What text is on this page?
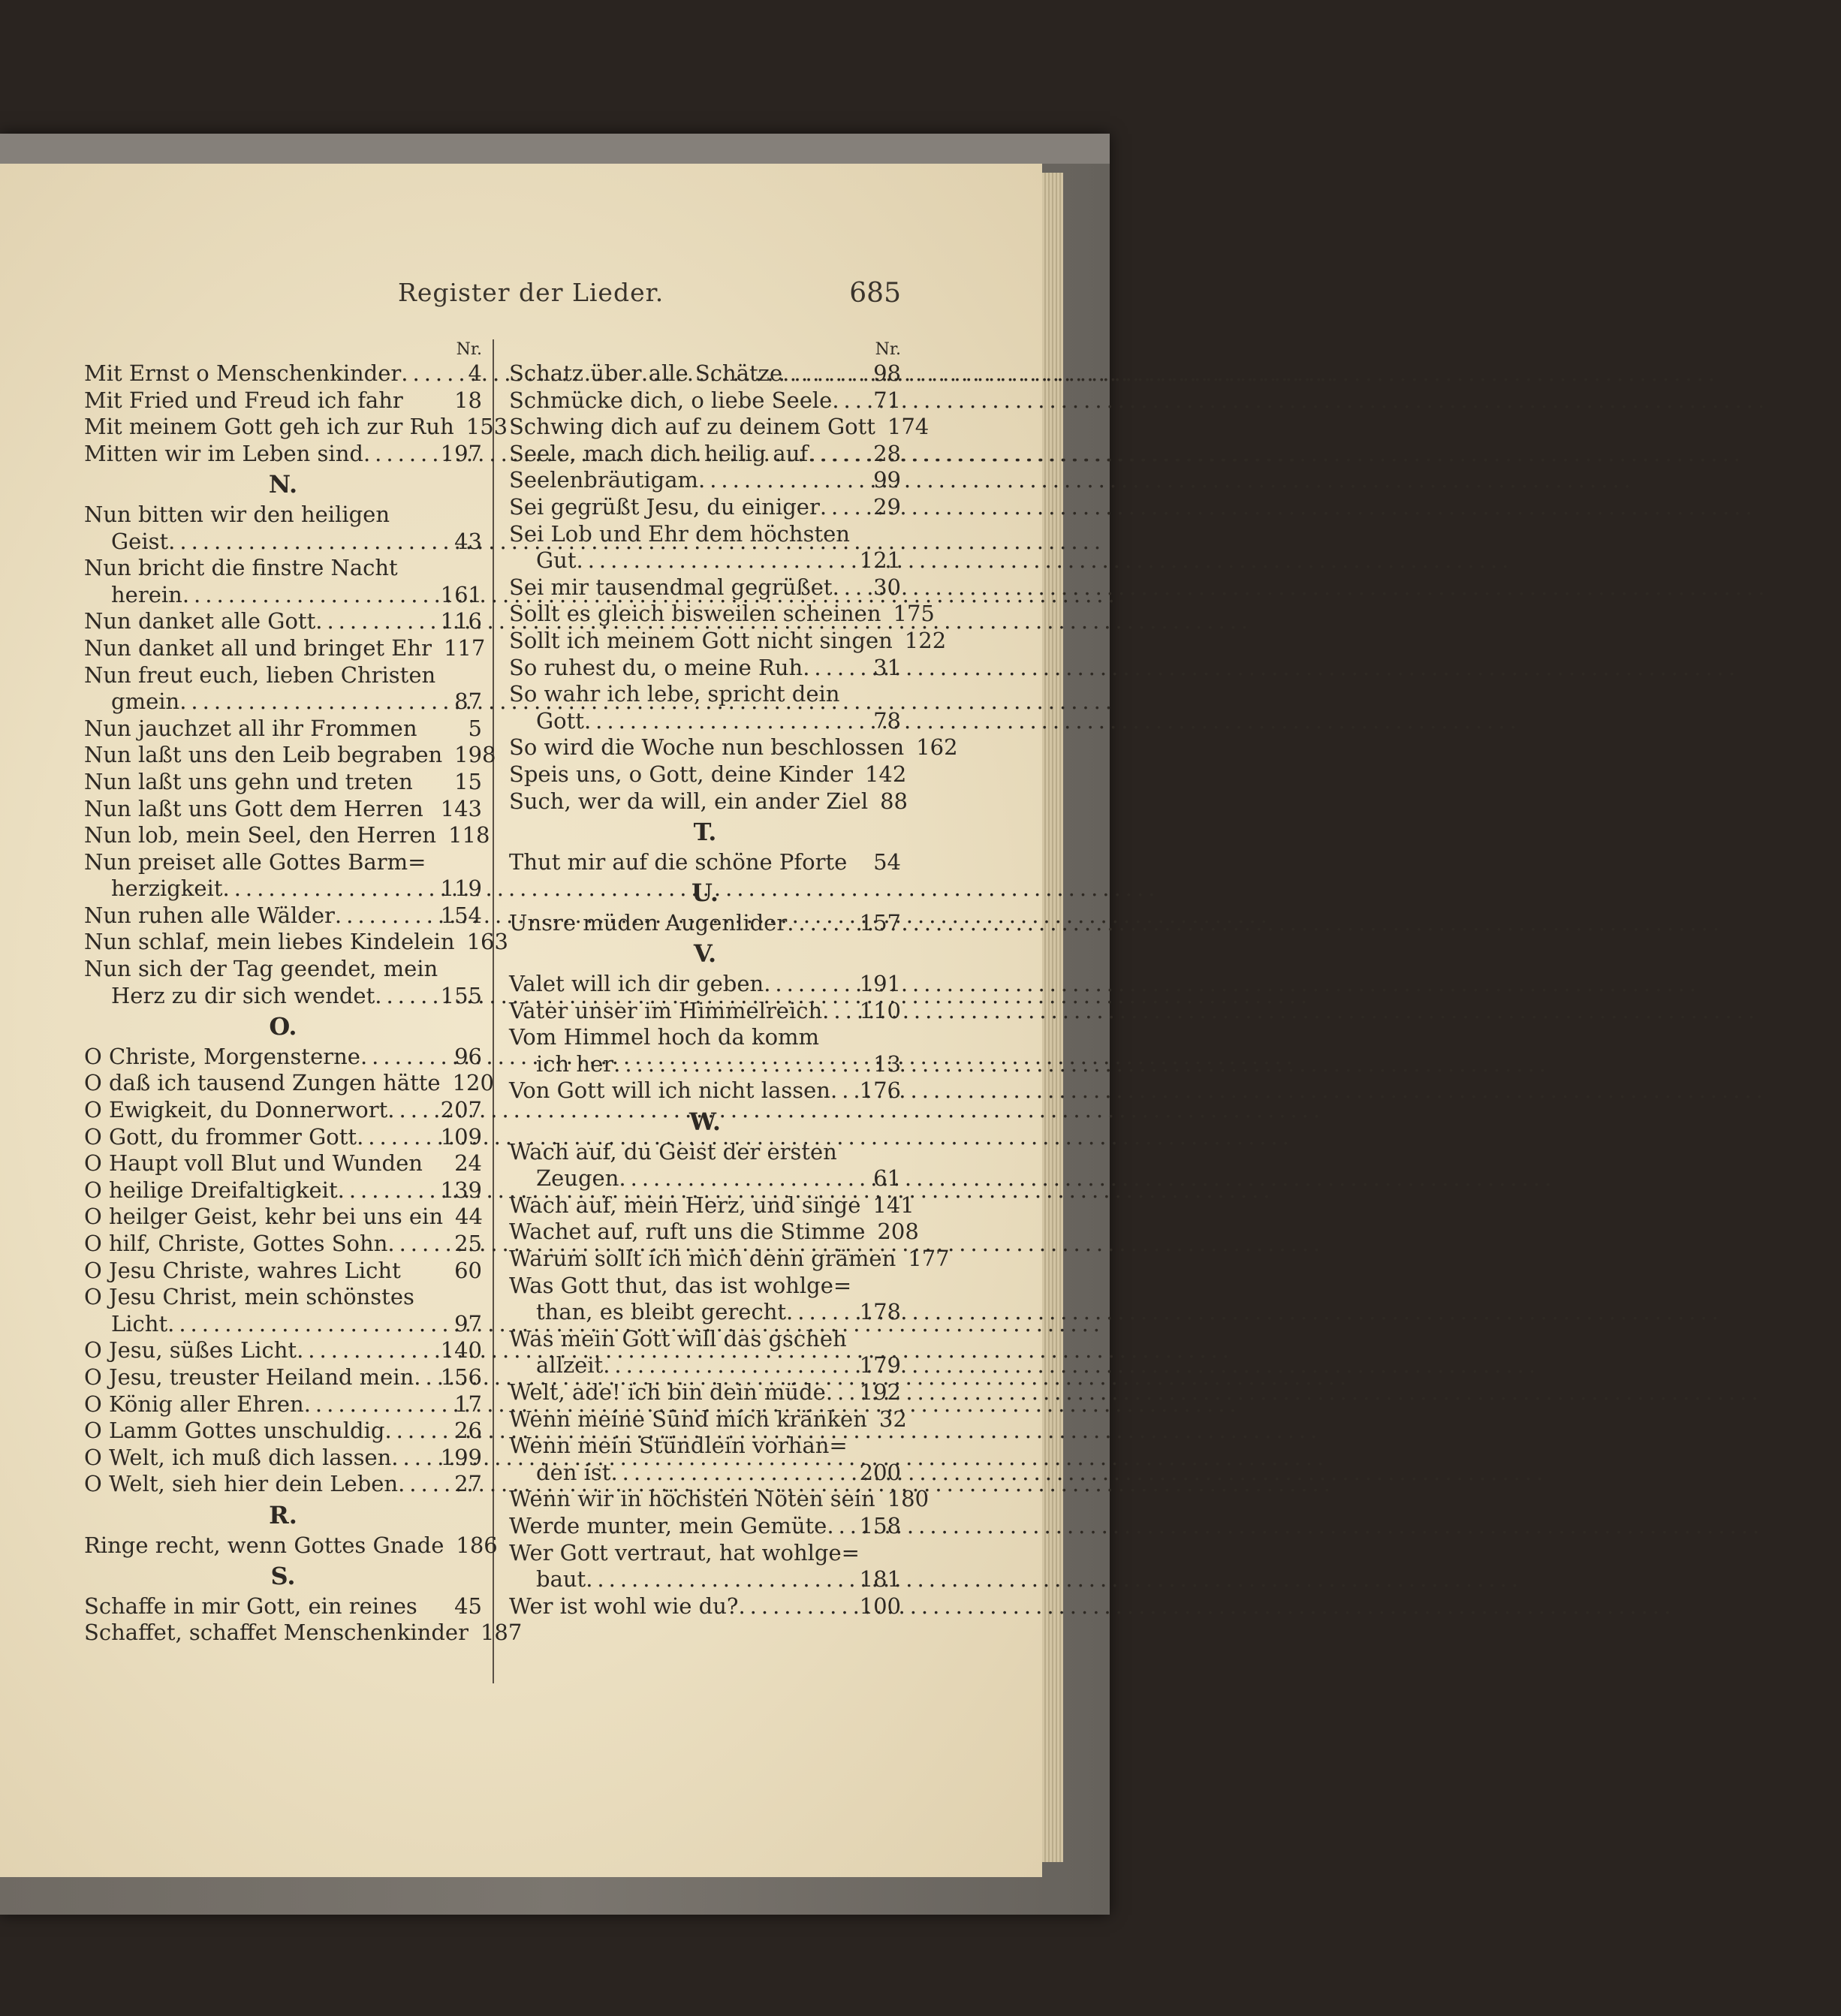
Register der Lieder.	685
Nr.
Mit Ernst o Menschenkinder .....	4
Mit Fried und Freud ich fahr 18
Mit meinem Gott geh ich zur Ruh 153
Mitten wir im Leben sind .....	197
N.
Nun bitten wir den heiligen
Geist .....	43
Nun bricht die finstre Nacht
herein .....	161
Nun danket alle Gott .....	116
Nun danket all und bringet Ehr 117
Nun freut euch, lieben Christen
gmein .....	87
Nun jauchzet all ihr Frommen 5
Nun laßt uns den Leib begraben 198
Nun laßt uns gehn und treten 15
Nun laßt uns Gott dem Herren 143
Nun lob, mein Seel, den Herren 118
Nun preiset alle Gottes Barm=
herzigkeit .....	119
Nun ruhen alle Wälder .....	154
Nun schlaf, mein liebes Kindelein 163
Nun sich der Tag geendet, mein
Herz zu dir sich wendet .....	155
O.
O Christe, Morgensterne .....	96
O daß ich tausend Zungen hätte 120
O Ewigkeit, du Donnerwort ..... 207
O Gott, du frommer Gott .....	109
O Haupt voll Blut und Wunden 24
O heilige Dreifaltigkeit .....	139
O heilger Geist, kehr bei uns ein 44
O hilf, Christe, Gottes Sohn .....	25
O Jesu Christe, wahres Licht 60
O Jesu Christ, mein schönstes
Licht .....	97
O Jesu, süßes Licht .....	140
O Jesu, treuster Heiland mein ..... 156
O König aller Ehren .....	17
O Lamm Gottes unschuldig .....	26
O Welt, ich muß dich lassen ..... 199
O Welt, sieh hier dein Leben .....	27
R.
Ringe recht, wenn Gottes Gnade 186
S.
Schaffe in mir Gott, ein reines 45
Schaffet, schaffet Menschenkinder 187
Nr.
Schatz über alle Schätze .....	98
Schmücke dich, o liebe Seele ..... 71
Schwing dich auf zu deinem Gott 174
Seele, mach dich heilig auf .....	28
Seelenbräutigam .....	99
Sei gegrüßt Jesu, du einiger ..... 29
Sei Lob und Ehr dem höchsten
Gut .....	121
Sei mir tausendmal gegrüßet ..... 30
Sollt es gleich bisweilen scheinen 175
Sollt ich meinem Gott nicht singen 122
So ruhest du, o meine Ruh .....	31
So wahr ich lebe, spricht dein
Gott .....	78
So wird die Woche nun beschlossen 162
Speis uns, o Gott, deine Kinder 142
Such, wer da will, ein ander Ziel 88
T.
Thut mir auf die schöne Pforte 54
U.
Unsre müden Augenlider .....	157
V.
Valet will ich dir geben .....	191
Vater unser im Himmelreich ..... 110
Vom Himmel hoch da komm
ich her .....	13
Von Gott will ich nicht lassen ..... 176
W.
Wach auf, du Geist der ersten
Zeugen .....	61
Wach auf, mein Herz, und singe 141
Wachet auf, ruft uns die Stimme 208
Warum sollt ich mich denn grämen 177
Was Gott thut, das ist wohlge=
than, es bleibt gerecht .....	178
Was mein Gott will das gscheh
allzeit .....	179
Welt, ade! ich bin dein müde ..... 192
Wenn meine Sünd mich kränken 32
Wenn mein Stündlein vorhan=
den ist .....	200
Wenn wir in höchsten Nöten sein 180
Werde munter, mein Gemüte ..... 158
Wer Gott vertraut, hat wohlge=
baut .....	181
Wer ist wohl wie du? .....	100
